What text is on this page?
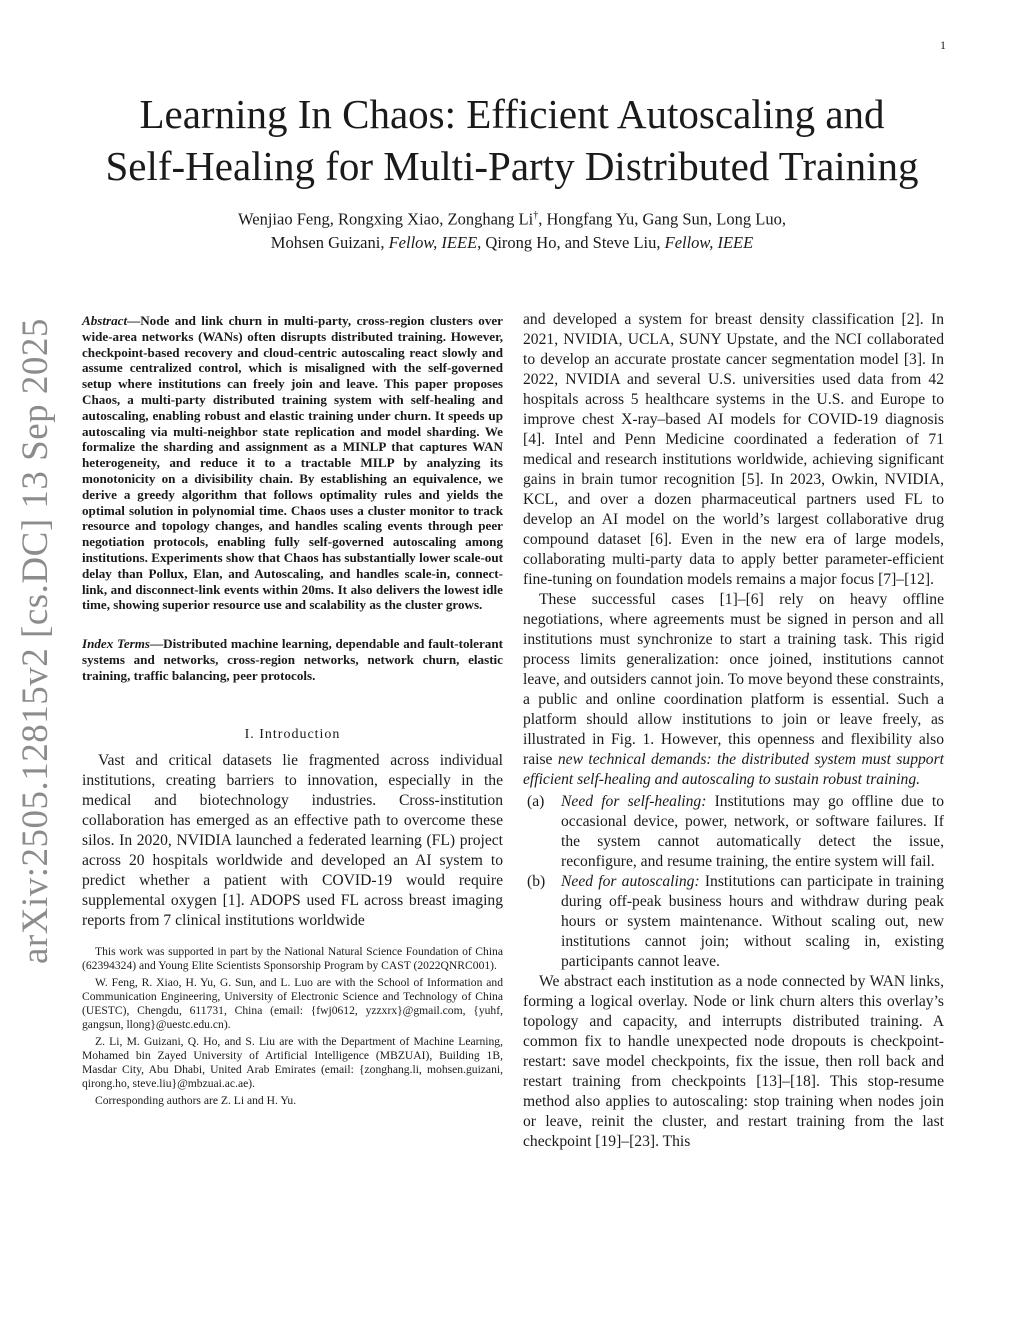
1
arXiv:2505.12815v2 [cs.DC] 13 Sep 2025
Learning In Chaos: Efficient Autoscaling and
Self-Healing for Multi-Party Distributed Training
Wenjiao Feng, Rongxing Xiao, Zonghang Li†, Hongfang Yu, Gang Sun, Long Luo,
Mohsen Guizani, Fellow, IEEE, Qirong Ho, and Steve Liu, Fellow, IEEE

Abstract—Node and link churn in multi-party, cross-region clusters over wide-area networks (WANs) often disrupts distributed training. However, checkpoint-based recovery and cloud-centric autoscaling react slowly and assume centralized control, which is misaligned with the self-governed setup where institutions can freely join and leave. This paper proposes Chaos, a multi-party distributed training system with self-healing and autoscaling, enabling robust and elastic training under churn. It speeds up autoscaling via multi-neighbor state replication and model sharding. We formalize the sharding and assignment as a MINLP that captures WAN heterogeneity, and reduce it to a tractable MILP by analyzing its monotonicity on a divisibility chain. By establishing an equivalence, we derive a greedy algorithm that follows optimality rules and yields the optimal solution in polynomial time. Chaos uses a cluster monitor to track resource and topology changes, and handles scaling events through peer negotiation protocols, enabling fully self-governed autoscaling among institutions. Experiments show that Chaos has substantially lower scale-out delay than Pollux, Elan, and Autoscaling, and handles scale-in, connect-link, and disconnect-link events within 20ms. It also delivers the lowest idle time, showing superior resource use and scalability as the cluster grows.

Index Terms—Distributed machine learning, dependable and fault-tolerant systems and networks, cross-region networks, network churn, elastic training, traffic balancing, peer protocols.

I. Introduction

Vast and critical datasets lie fragmented across individual institutions, creating barriers to innovation, especially in the medical and biotechnology industries. Cross-institution collaboration has emerged as an effective path to overcome these silos. In 2020, NVIDIA launched a federated learning (FL) project across 20 hospitals worldwide and developed an AI system to predict whether a patient with COVID-19 would require supplemental oxygen [1]. ADOPS used FL across breast imaging reports from 7 clinical institutions worldwide

This work was supported in part by the National Natural Science Foundation of China (62394324) and Young Elite Scientists Sponsorship Program by CAST (2022QNRC001).

W. Feng, R. Xiao, H. Yu, G. Sun, and L. Luo are with the School of Information and Communication Engineering, University of Electronic Science and Technology of China (UESTC), Chengdu, 611731, China (email: {fwj0612, yzzxrx}@gmail.com, {yuhf, gangsun, llong}@uestc.edu.cn).

Z. Li, M. Guizani, Q. Ho, and S. Liu are with the Department of Machine Learning, Mohamed bin Zayed University of Artificial Intelligence (MBZUAI), Building 1B, Masdar City, Abu Dhabi, United Arab Emirates (email: {zonghang.li, mohsen.guizani, qirong.ho, steve.liu}@mbzuai.ac.ae).

Corresponding authors are Z. Li and H. Yu.

and developed a system for breast density classification [2]. In 2021, NVIDIA, UCLA, SUNY Upstate, and the NCI collaborated to develop an accurate prostate cancer segmentation model [3]. In 2022, NVIDIA and several U.S. universities used data from 42 hospitals across 5 healthcare systems in the U.S. and Europe to improve chest X-ray–based AI models for COVID-19 diagnosis [4]. Intel and Penn Medicine coordinated a federation of 71 medical and research institutions worldwide, achieving significant gains in brain tumor recognition [5]. In 2023, Owkin, NVIDIA, KCL, and over a dozen pharmaceutical partners used FL to develop an AI model on the world’s largest collaborative drug compound dataset [6]. Even in the new era of large models, collaborating multi-party data to apply better parameter-efficient fine-tuning on foundation models remains a major focus [7]–[12].

These successful cases [1]–[6] rely on heavy offline negotiations, where agreements must be signed in person and all institutions must synchronize to start a training task. This rigid process limits generalization: once joined, institutions cannot leave, and outsiders cannot join. To move beyond these constraints, a public and online coordination platform is essential. Such a platform should allow institutions to join or leave freely, as illustrated in Fig. 1. However, this openness and flexibility also raise new technical demands: the distributed system must support efficient self-healing and autoscaling to sustain robust training.

(a)	Need for self-healing: Institutions may go offline due to occasional device, power, network, or software failures. If the system cannot automatically detect the issue, reconfigure, and resume training, the entire system will fail.
(b)	Need for autoscaling: Institutions can participate in training during off-peak business hours and withdraw during peak hours or system maintenance. Without scaling out, new institutions cannot join; without scaling in, existing participants cannot leave.

We abstract each institution as a node connected by WAN links, forming a logical overlay. Node or link churn alters this overlay’s topology and capacity, and interrupts distributed training. A common fix to handle unexpected node dropouts is checkpoint-restart: save model checkpoints, fix the issue, then roll back and restart training from checkpoints [13]–[18]. This stop-resume method also applies to autoscaling: stop training when nodes join or leave, reinit the cluster, and restart training from the last checkpoint [19]–[23]. This
